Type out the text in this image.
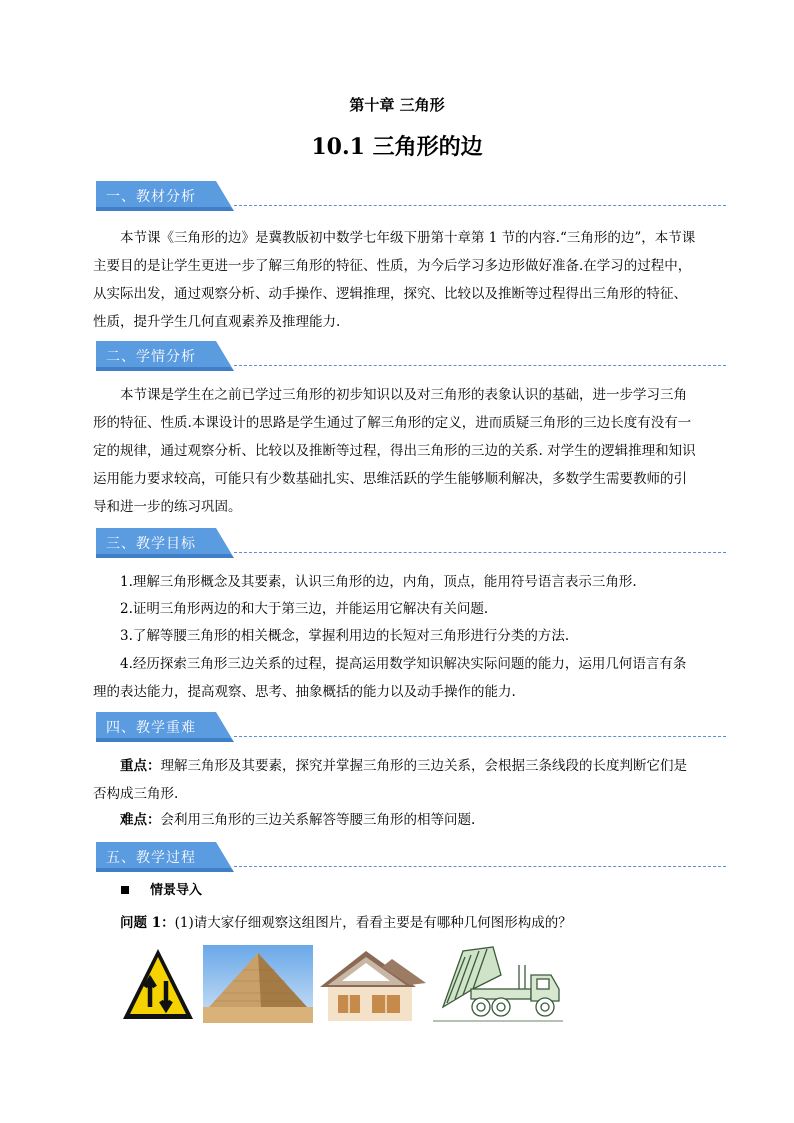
第十章 三角形
10.1 三角形的边
一、教材分析

本节课《三角形的边》是冀教版初中数学七年级下册第十章第 1 节的内容.“三角形的边”，本节课主要目的是让学生更进一步了解三角形的特征、性质，为今后学习多边形做好准备.在学习的过程中，从实际出发，通过观察分析、动手操作、逻辑推理，探究、比较以及推断等过程得出三角形的特征、性质，提升学生几何直观素养及推理能力.

二、学情分析

本节课是学生在之前已学过三角形的初步知识以及对三角形的表象认识的基础，进一步学习三角形的特征、性质.本课设计的思路是学生通过了解三角形的定义，进而质疑三角形的三边长度有没有一定的规律，通过观察分析、比较以及推断等过程，得出三角形的三边的关系. 对学生的逻辑推理和知识运用能力要求较高，可能只有少数基础扎实、思维活跃的学生能够顺利解决，多数学生需要教师的引导和进一步的练习巩固。

三、教学目标

1.理解三角形概念及其要素，认识三角形的边，内角，顶点，能用符号语言表示三角形.

2.证明三角形两边的和大于第三边，并能运用它解决有关问题.

3.了解等腰三角形的相关概念，掌握利用边的长短对三角形进行分类的方法.

4.经历探索三角形三边关系的过程，提高运用数学知识解决实际问题的能力，运用几何语言有条理的表达能力，提高观察、思考、抽象概括的能力以及动手操作的能力.

四、教学重难

重点：理解三角形及其要素，探究并掌握三角形的三边关系，会根据三条线段的长度判断它们是否构成三角形.

难点：会利用三角形的三边关系解答等腰三角形的相等问题.

五、教学过程

情景导入

问题 1：(1)请大家仔细观察这组图片，看看主要是有哪种几何图形构成的？
